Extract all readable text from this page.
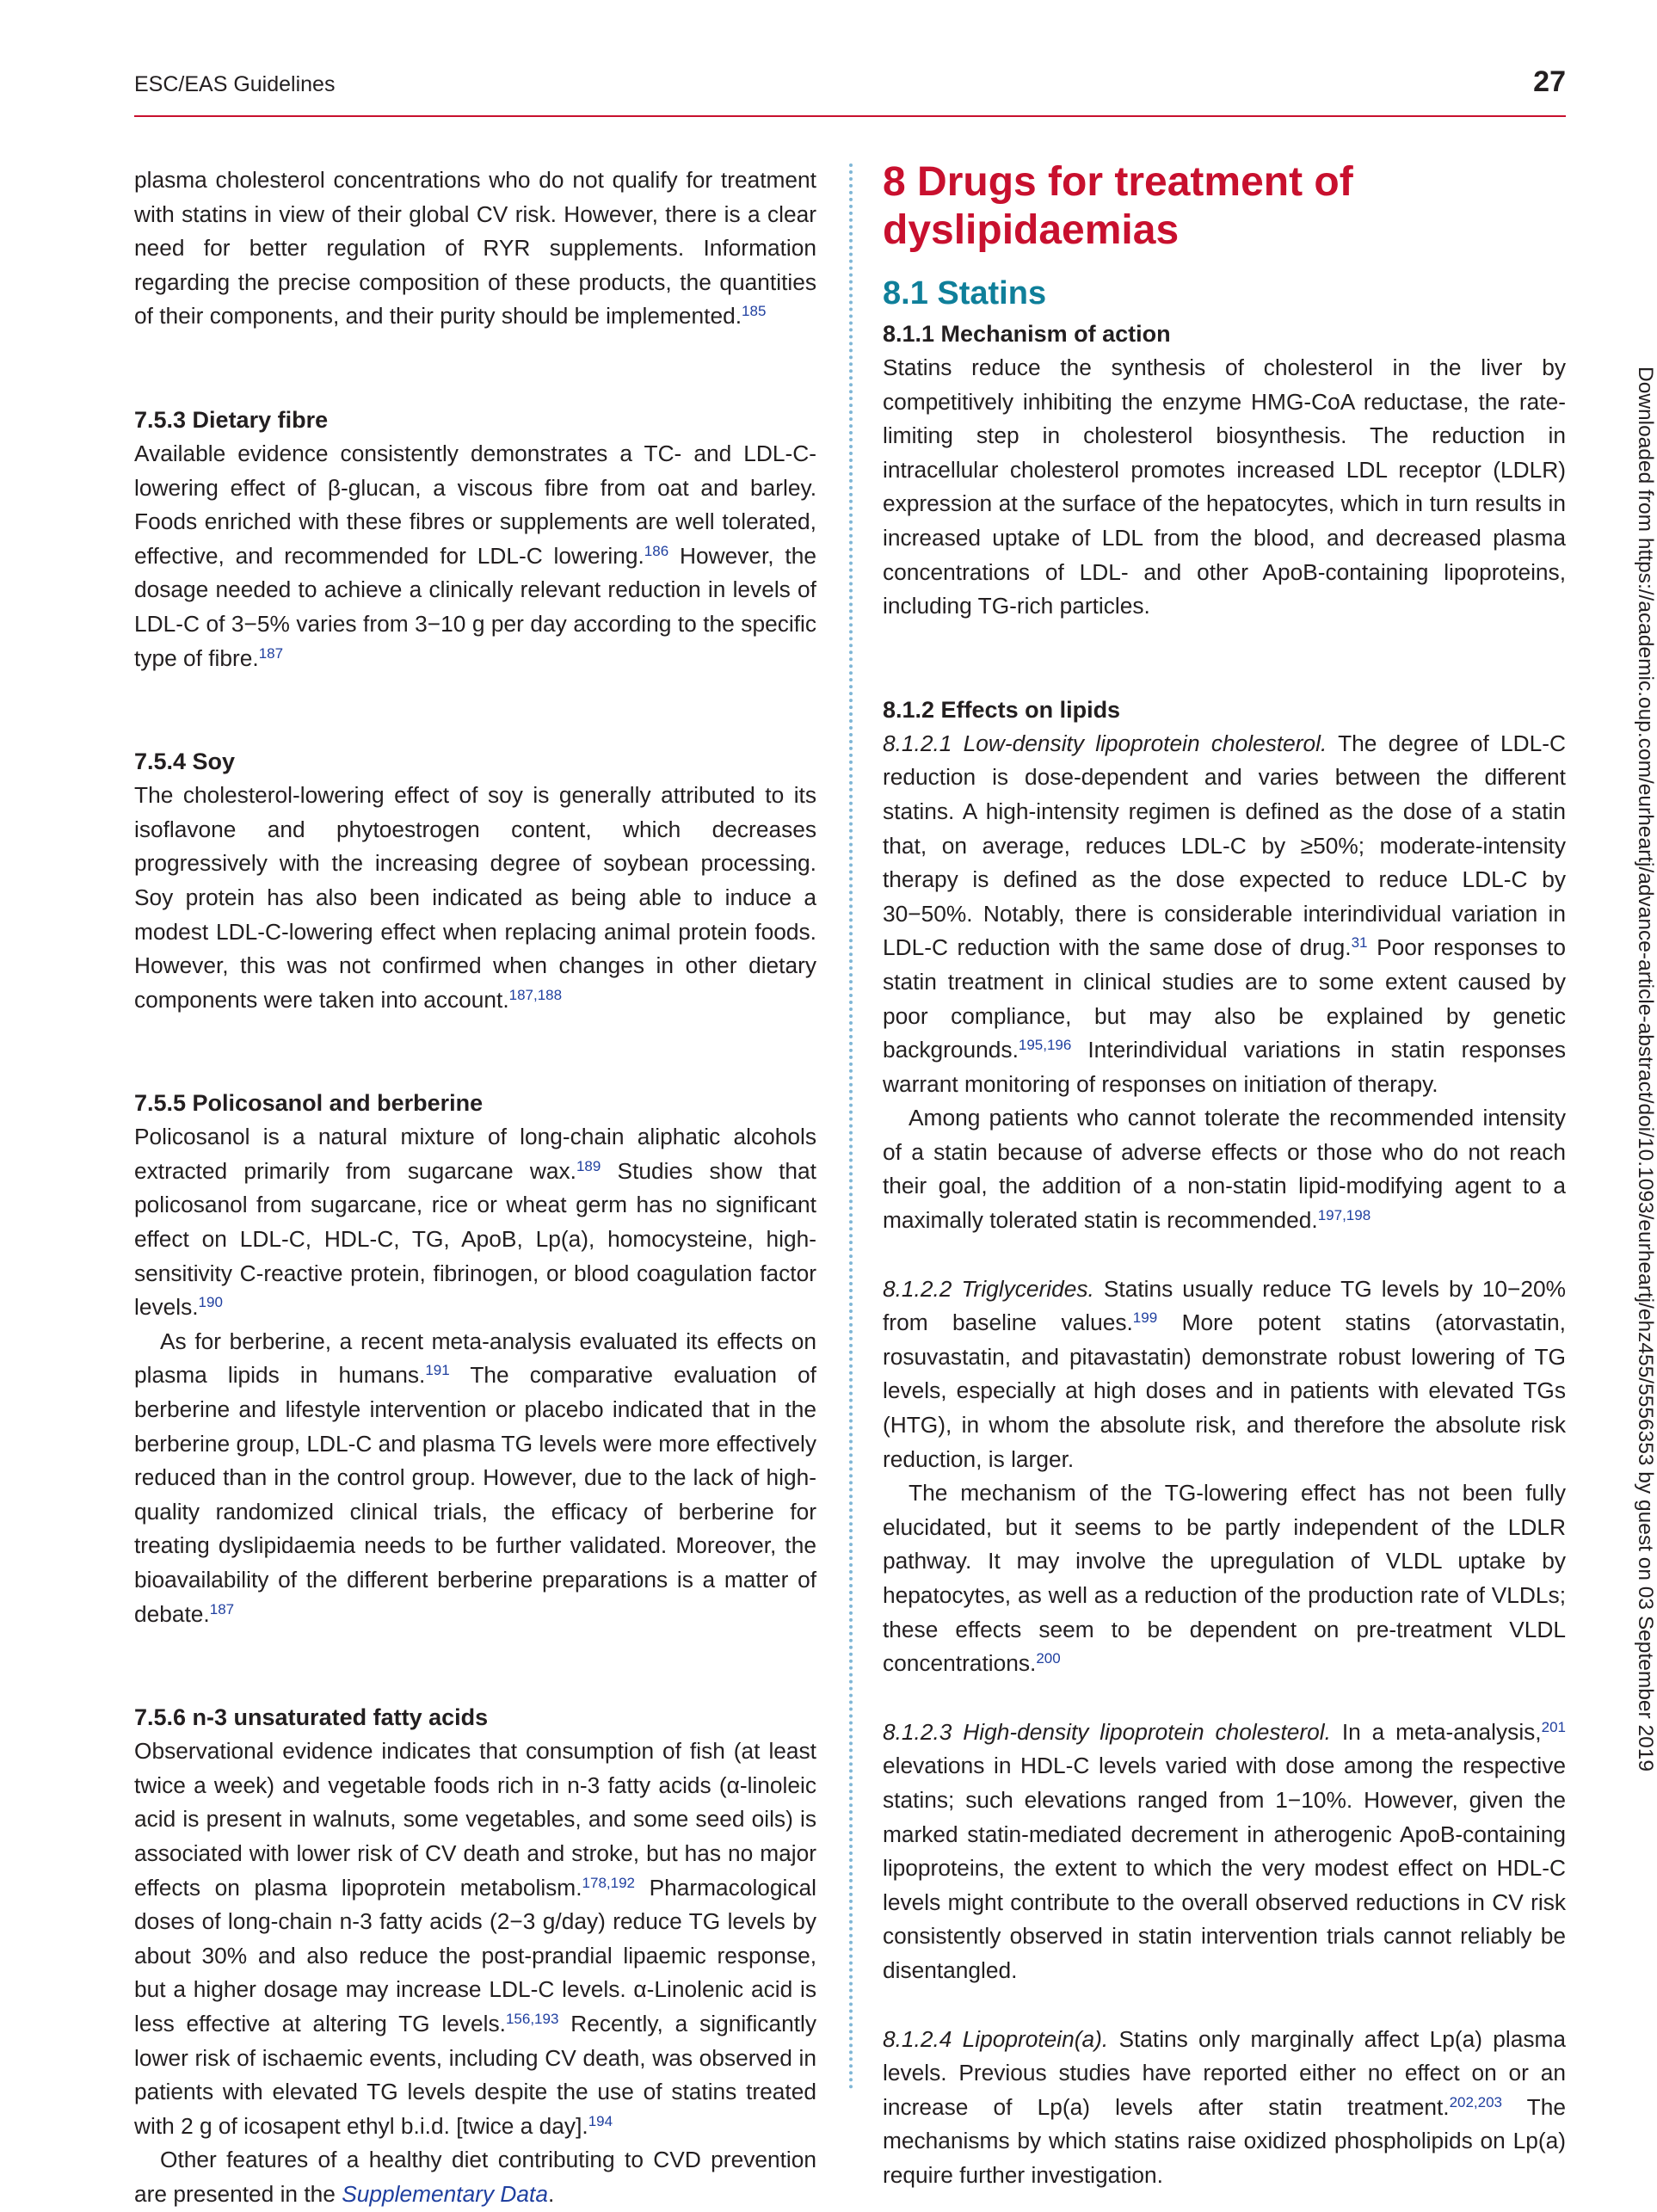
ESC/EAS Guidelines	27

plasma cholesterol concentrations who do not qualify for treatment with statins in view of their global CV risk. However, there is a clear need for better regulation of RYR supplements. Information regarding the precise composition of these products, the quantities of their components, and their purity should be implemented.$^{185}$

7.5.3 Dietary fibre

Available evidence consistently demonstrates a TC- and LDL-C-lowering effect of β-glucan, a viscous fibre from oat and barley. Foods enriched with these fibres or supplements are well tolerated, effective, and recommended for LDL-C lowering.$^{186}$ However, the dosage needed to achieve a clinically relevant reduction in levels of LDL-C of 3−5% varies from 3−10 g per day according to the specific type of fibre.$^{187}$

7.5.4 Soy

The cholesterol-lowering effect of soy is generally attributed to its isoflavone and phytoestrogen content, which decreases progressively with the increasing degree of soybean processing. Soy protein has also been indicated as being able to induce a modest LDL-C-lowering effect when replacing animal protein foods. However, this was not confirmed when changes in other dietary components were taken into account.$^{187,188}$

7.5.5 Policosanol and berberine

Policosanol is a natural mixture of long-chain aliphatic alcohols extracted primarily from sugarcane wax.$^{189}$ Studies show that policosanol from sugarcane, rice or wheat germ has no significant effect on LDL-C, HDL-C, TG, ApoB, Lp(a), homocysteine, high-sensitivity C-reactive protein, fibrinogen, or blood coagulation factor levels.$^{190}$

As for berberine, a recent meta-analysis evaluated its effects on plasma lipids in humans.$^{191}$ The comparative evaluation of berberine and lifestyle intervention or placebo indicated that in the berberine group, LDL-C and plasma TG levels were more effectively reduced than in the control group. However, due to the lack of high-quality randomized clinical trials, the efficacy of berberine for treating dyslipidaemia needs to be further validated. Moreover, the bioavailability of the different berberine preparations is a matter of debate.$^{187}$

7.5.6 n-3 unsaturated fatty acids

Observational evidence indicates that consumption of fish (at least twice a week) and vegetable foods rich in n-3 fatty acids (α-linoleic acid is present in walnuts, some vegetables, and some seed oils) is associated with lower risk of CV death and stroke, but has no major effects on plasma lipoprotein metabolism.$^{178,192}$ Pharmacological doses of long-chain n-3 fatty acids (2−3 g/day) reduce TG levels by about 30% and also reduce the post-prandial lipaemic response, but a higher dosage may increase LDL-C levels. α-Linolenic acid is less effective at altering TG levels.$^{156,193}$ Recently, a significantly lower risk of ischaemic events, including CV death, was observed in patients with elevated TG levels despite the use of statins treated with 2 g of icosapent ethyl b.i.d. [twice a day].$^{194}$

Other features of a healthy diet contributing to CVD prevention are presented in the Supplementary Data.

8 Drugs for treatment of dyslipidaemias
8.1 Statins
8.1.1 Mechanism of action

Statins reduce the synthesis of cholesterol in the liver by competitively inhibiting the enzyme HMG-CoA reductase, the rate-limiting step in cholesterol biosynthesis. The reduction in intracellular cholesterol promotes increased LDL receptor (LDLR) expression at the surface of the hepatocytes, which in turn results in increased uptake of LDL from the blood, and decreased plasma concentrations of LDL- and other ApoB-containing lipoproteins, including TG-rich particles.

8.1.2 Effects on lipids

8.1.2.1 Low-density lipoprotein cholesterol. The degree of LDL-C reduction is dose-dependent and varies between the different statins. A high-intensity regimen is defined as the dose of a statin that, on average, reduces LDL-C by ≥50%; moderate-intensity therapy is defined as the dose expected to reduce LDL-C by 30−50%. Notably, there is considerable interindividual variation in LDL-C reduction with the same dose of drug.$^{31}$ Poor responses to statin treatment in clinical studies are to some extent caused by poor compliance, but may also be explained by genetic backgrounds.$^{195,196}$ Interindividual variations in statin responses warrant monitoring of responses on initiation of therapy.

Among patients who cannot tolerate the recommended intensity of a statin because of adverse effects or those who do not reach their goal, the addition of a non-statin lipid-modifying agent to a maximally tolerated statin is recommended.$^{197,198}$

8.1.2.2 Triglycerides. Statins usually reduce TG levels by 10−20% from baseline values.$^{199}$ More potent statins (atorvastatin, rosuvastatin, and pitavastatin) demonstrate robust lowering of TG levels, especially at high doses and in patients with elevated TGs (HTG), in whom the absolute risk, and therefore the absolute risk reduction, is larger.

The mechanism of the TG-lowering effect has not been fully elucidated, but it seems to be partly independent of the LDLR pathway. It may involve the upregulation of VLDL uptake by hepatocytes, as well as a reduction of the production rate of VLDLs; these effects seem to be dependent on pre-treatment VLDL concentrations.$^{200}$

8.1.2.3 High-density lipoprotein cholesterol. In a meta-analysis,$^{201}$ elevations in HDL-C levels varied with dose among the respective statins; such elevations ranged from 1−10%. However, given the marked statin-mediated decrement in atherogenic ApoB-containing lipoproteins, the extent to which the very modest effect on HDL-C levels might contribute to the overall observed reductions in CV risk consistently observed in statin intervention trials cannot reliably be disentangled.

8.1.2.4 Lipoprotein(a). Statins only marginally affect Lp(a) plasma levels. Previous studies have reported either no effect on or an increase of Lp(a) levels after statin treatment.$^{202,203}$ The mechanisms by which statins raise oxidized phospholipids on Lp(a) require further investigation.

Downloaded from https://academic.oup.com/eurheartj/advance-article-abstract/doi/10.1093/eurheartj/ehz455/5556353 by guest on 03 September 2019
